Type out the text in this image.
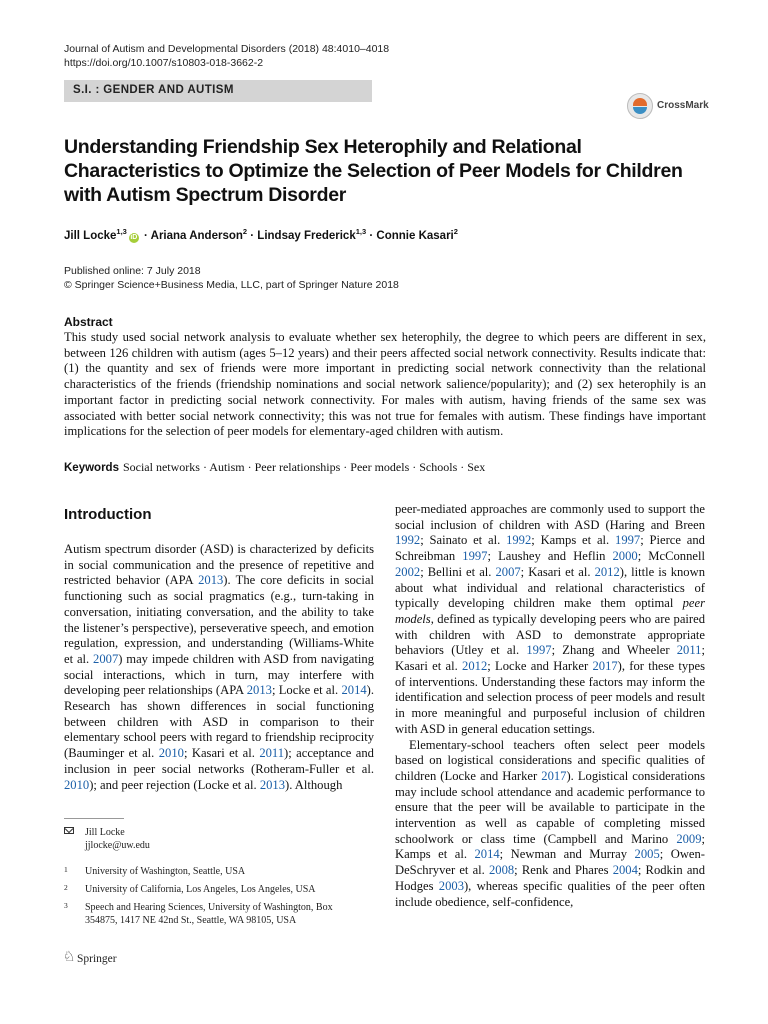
Journal of Autism and Developmental Disorders (2018) 48:4010–4018
https://doi.org/10.1007/s10803-018-3662-2
S.I. : GENDER AND AUTISM
CrossMark
Understanding Friendship Sex Heterophily and Relational Characteristics to Optimize the Selection of Peer Models for Children with Autism Spectrum Disorder
Jill Locke$^{1,3}$iD · Ariana Anderson$^2$ · Lindsay Frederick$^{1,3}$ · Connie Kasari$^2$
Published online: 7 July 2018
© Springer Science+Business Media, LLC, part of Springer Nature 2018
Abstract
This study used social network analysis to evaluate whether sex heterophily, the degree to which peers are different in sex, between 126 children with autism (ages 5–12 years) and their peers affected social network connectivity. Results indicate that: (1) the quantity and sex of friends were more important in predicting social network connectivity than the relational characteristics of the friends (friendship nominations and social network salience/popularity); and (2) sex heterophily is an important factor in predicting social network connectivity. For males with autism, having friends of the same sex was associated with better social network connectivity; this was not true for females with autism. These findings have important implications for the selection of peer models for elementary-aged children with autism.
Keywords Social networks · Autism · Peer relationships · Peer models · Schools · Sex
Introduction

Autism spectrum disorder (ASD) is characterized by deficits in social communication and the presence of repetitive and restricted behavior (APA 2013). The core deficits in social functioning such as social pragmatics (e.g., turn-taking in conversation, initiating conversation, and the ability to take the listener’s perspective), perseverative speech, and emotion regulation, expression, and understanding (Williams-White et al. 2007) may impede children with ASD from navigating social interactions, which in turn, may interfere with developing peer relationships (APA 2013; Locke et al. 2014). Research has shown differences in social functioning between children with ASD in comparison to their elementary school peers with regard to friendship reciprocity (Bauminger et al. 2010; Kasari et al. 2011); acceptance and inclusion in peer social networks (Rotheram-Fuller et al. 2010); and peer rejection (Locke et al. 2013). Although

peer-mediated approaches are commonly used to support the social inclusion of children with ASD (Haring and Breen 1992; Sainato et al. 1992; Kamps et al. 1997; Pierce and Schreibman 1997; Laushey and Heflin 2000; McConnell 2002; Bellini et al. 2007; Kasari et al. 2012), little is known about what individual and relational characteristics of typically developing children make them optimal peer models, defined as typically developing peers who are paired with children with ASD to demonstrate appropriate behaviors (Utley et al. 1997; Zhang and Wheeler 2011; Kasari et al. 2012; Locke and Harker 2017), for these types of interventions. Understanding these factors may inform the identification and selection process of peer models and result in more meaningful and purposeful inclusion of children with ASD in general education settings.

Elementary-school teachers often select peer models based on logistical considerations and specific qualities of children (Locke and Harker 2017). Logistical considerations may include school attendance and academic performance to ensure that the peer will be available to participate in the intervention as well as capable of completing missed schoolwork or class time (Campbell and Marino 2009; Kamps et al. 2014; Newman and Murray 2005; Owen-DeSchryver et al. 2008; Renk and Phares 2004; Rodkin and Hodges 2003), whereas specific qualities of the peer often include obedience, self-confidence,

Jill Locke
jjlocke@uw.edu
1 University of Washington, Seattle, USA
2 University of California, Los Angeles, Los Angeles, USA
3 Speech and Hearing Sciences, University of Washington, Box 354875, 1417 NE 42nd St., Seattle, WA 98105, USA
♘Springer
